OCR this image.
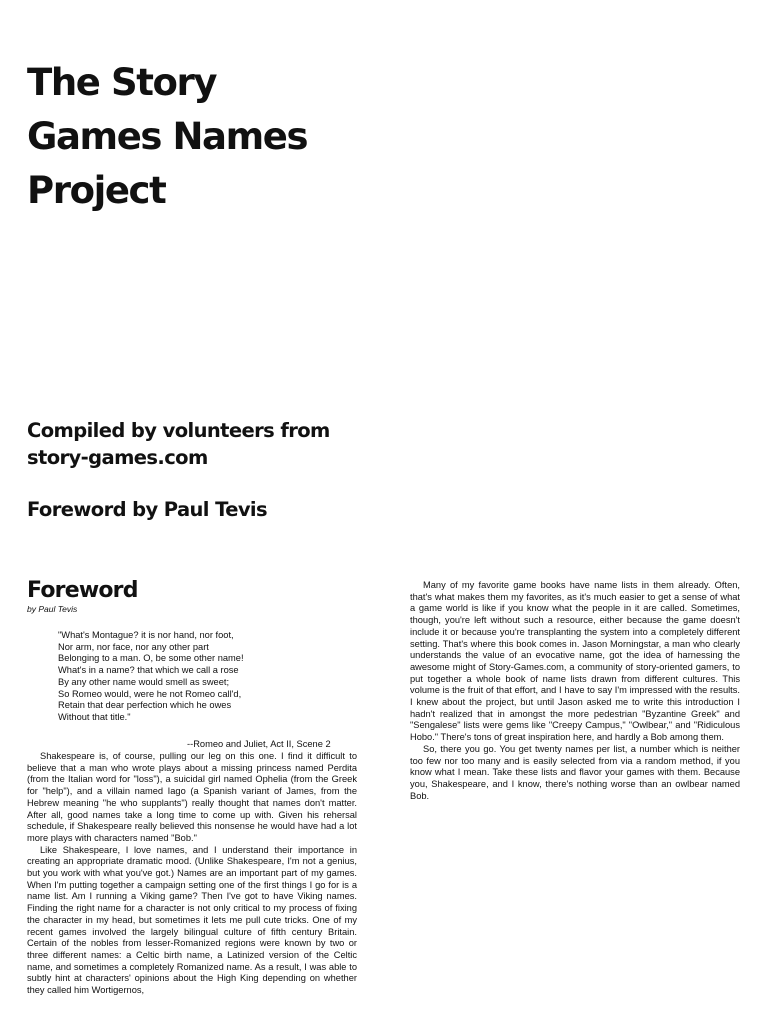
The Story
Games Names
Project
Compiled by volunteers from
story-games.com
Foreword by Paul Tevis
Foreword
by Paul Tevis
"What's Montague? it is nor hand, nor foot,
Nor arm, nor face, nor any other part
Belonging to a man. O, be some other name!
What's in a name? that which we call a rose
By any other name would smell as sweet;
So Romeo would, were he not Romeo call'd,
Retain that dear perfection which he owes
Without that title."
--Romeo and Juliet, Act II, Scene 2

Shakespeare is, of course, pulling our leg on this one. I find it difficult to believe that a man who wrote plays about a missing princess named Perdita (from the Italian word for "loss"), a suicidal girl named Ophelia (from the Greek for "help"), and a villain named Iago (a Spanish variant of James, from the Hebrew meaning "he who supplants") really thought that names don't matter. After all, good names take a long time to come up with. Given his rehersal schedule, if Shakespeare really believed this nonsense he would have had a lot more plays with characters named "Bob."

Like Shakespeare, I love names, and I understand their importance in creating an appropriate dramatic mood. (Unlike Shakespeare, I'm not a genius, but you work with what you've got.) Names are an important part of my games. When I'm putting together a campaign setting one of the first things I go for is a name list. Am I running a Viking game? Then I've got to have Viking names. Finding the right name for a character is not only critical to my process of fixing the character in my head, but sometimes it lets me pull cute tricks. One of my recent games involved the largely bilingual culture of fifth century Britain. Certain of the nobles from lesser-Romanized regions were known by two or three different names: a Celtic birth name, a Latinized version of the Celtic name, and sometimes a completely Romanized name. As a result, I was able to subtly hint at characters' opinions about the High King depending on whether they called him Wortigernos,

Many of my favorite game books have name lists in them already. Often, that's what makes them my favorites, as it's much easier to get a sense of what a game world is like if you know what the people in it are called. Sometimes, though, you're left without such a resource, either because the game doesn't include it or because you're transplanting the system into a completely different setting. That's where this book comes in. Jason Morningstar, a man who clearly understands the value of an evocative name, got the idea of harnessing the awesome might of Story-Games.com, a community of story-oriented gamers, to put together a whole book of name lists drawn from different cultures. This volume is the fruit of that effort, and I have to say I'm impressed with the results. I knew about the project, but until Jason asked me to write this introduction I hadn't realized that in amongst the more pedestrian "Byzantine Greek" and "Sengalese" lists were gems like "Creepy Campus," "Owlbear," and "Ridiculous Hobo." There's tons of great inspiration here, and hardly a Bob among them.

So, there you go. You get twenty names per list, a number which is neither too few nor too many and is easily selected from via a random method, if you know what I mean. Take these lists and flavor your games with them. Because you, Shakespeare, and I know, there's nothing worse than an owlbear named Bob.
